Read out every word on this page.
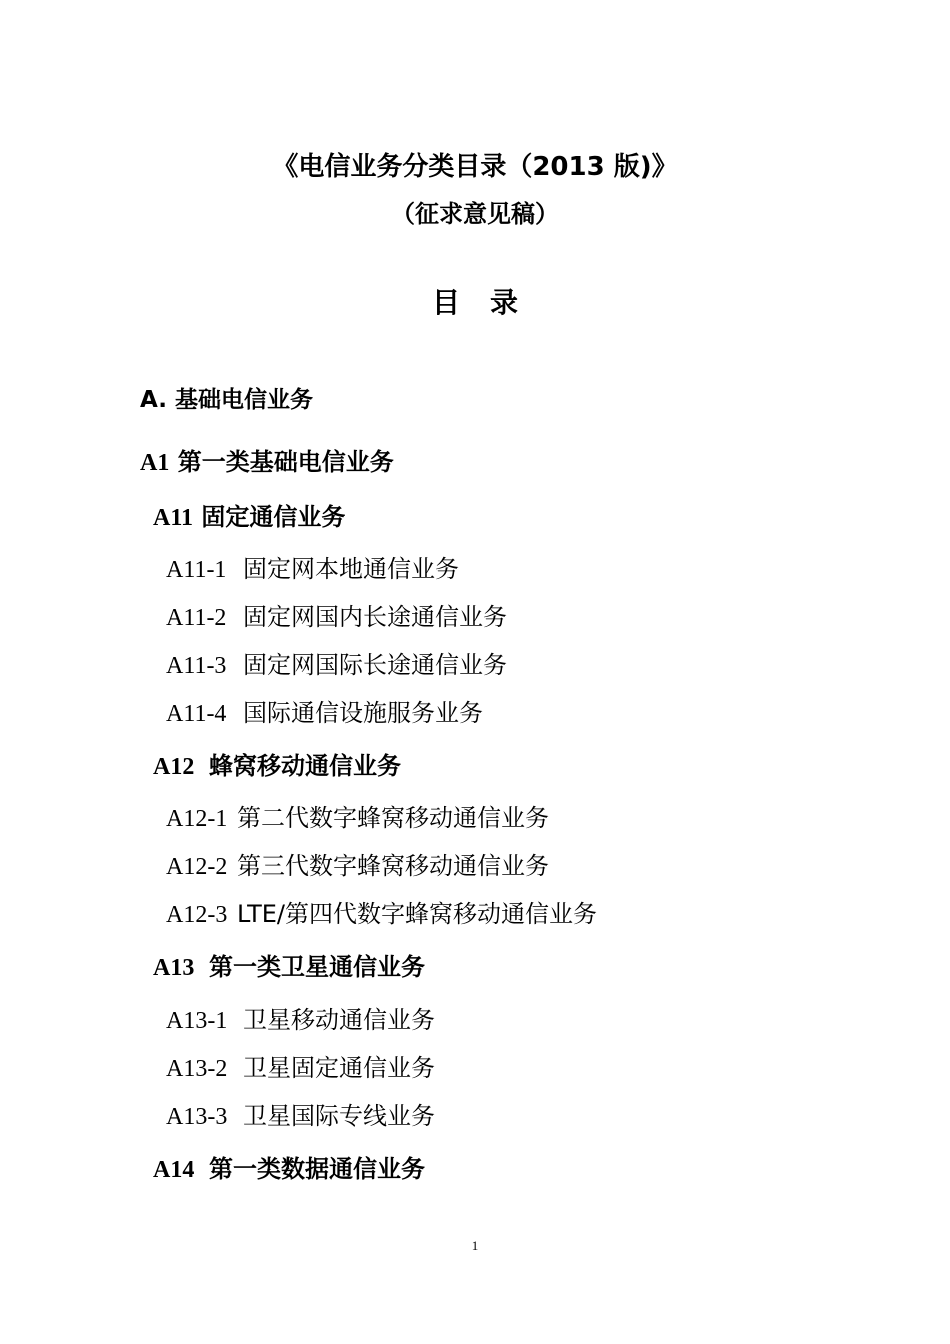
《电信业务分类目录（2013 版)》
（征求意见稿）
目录
A. 基础电信业务
A1 第一类基础电信业务
A11 固定通信业务
A11-1 固定网本地通信业务
A11-2 固定网国内长途通信业务
A11-3 固定网国际长途通信业务
A11-4 国际通信设施服务业务
A12 蜂窝移动通信业务
A12-1 第二代数字蜂窝移动通信业务
A12-2 第三代数字蜂窝移动通信业务
A12-3 LTE/第四代数字蜂窝移动通信业务
A13 第一类卫星通信业务
A13-1 卫星移动通信业务
A13-2 卫星固定通信业务
A13-3 卫星国际专线业务
A14 第一类数据通信业务
1
